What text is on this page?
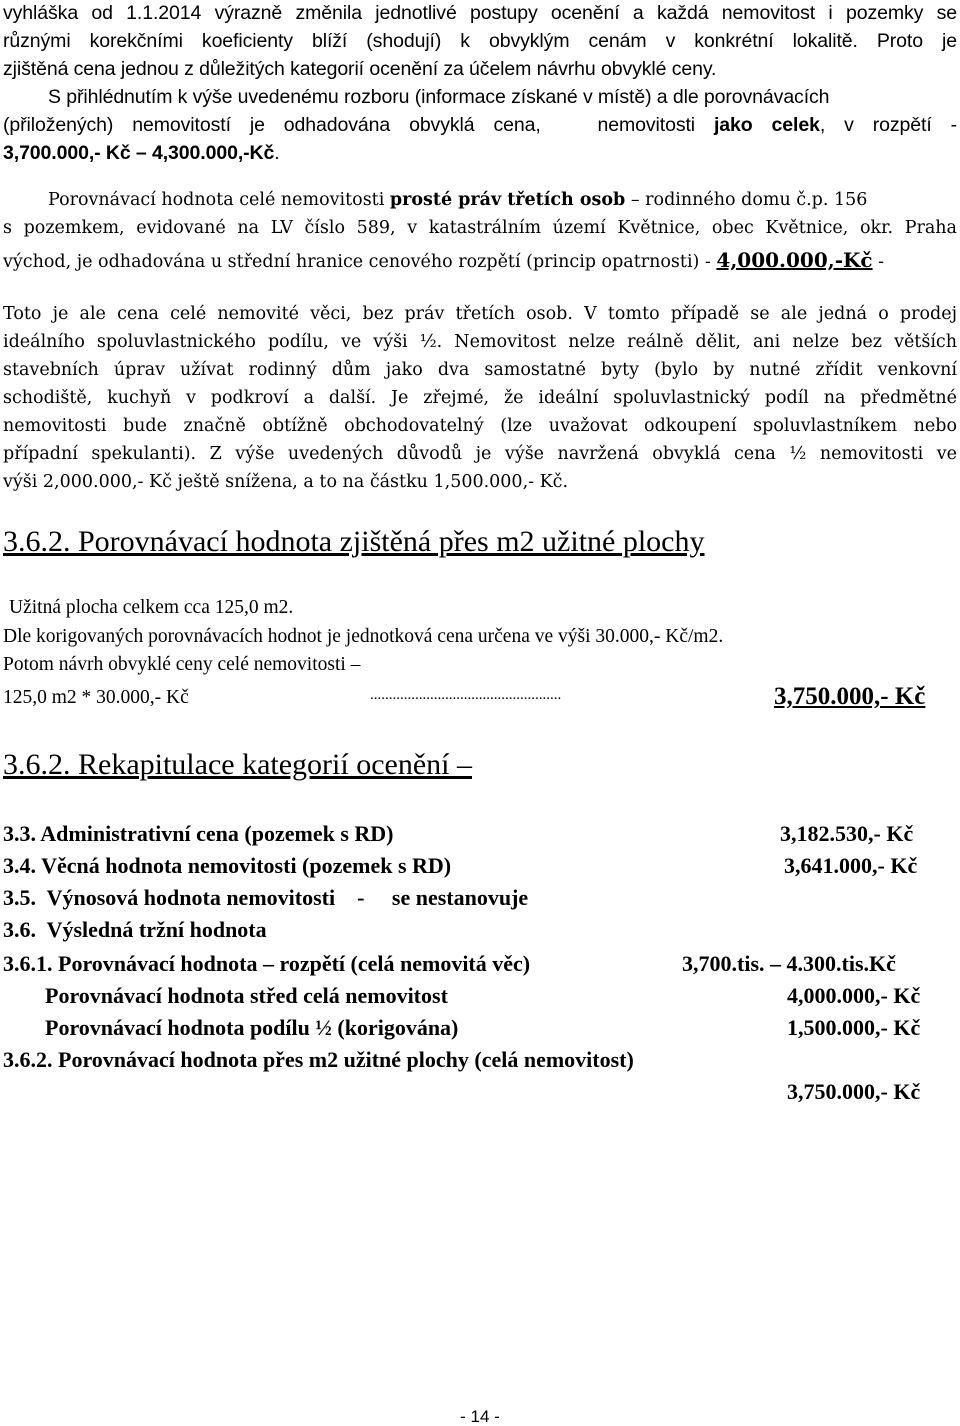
vyhláška od 1.1.2014 výrazně změnila jednotlivé postupy ocenění a každá nemovitost i pozemky se
různými korekčními koeficienty blíží (shodují) k obvyklým cenám v konkrétní lokalitě. Proto je
zjištěná cena jednou z důležitých kategorií ocenění za účelem návrhu obvyklé ceny.
S přihlédnutím k výše uvedenému rozboru (informace získané v místě) a dle porovnávacích
(přiložených) nemovitostí je odhadována obvyklá cena,   nemovitosti jako celek, v rozpětí -
3,700.000,- Kč – 4,300.000,-Kč.
Porovnávací hodnota celé nemovitosti prosté práv třetích osob – rodinného domu č.p. 156
s pozemkem, evidované na LV číslo 589, v katastrálním území Květnice, obec Květnice, okr. Praha
východ, je odhadována u střední hranice cenového rozpětí (princip opatrnosti) - 4,000.000,-Kč -
Toto je ale cena celé nemovité věci, bez práv třetích osob. V tomto případě se ale jedná o prodej
ideálního spoluvlastnického podílu, ve výši ½. Nemovitost nelze reálně dělit, ani nelze bez větších
stavebních úprav užívat rodinný dům jako dva samostatné byty (bylo by nutné zřídit venkovní
schodiště, kuchyň v podkroví a další. Je zřejmé, že ideální spoluvlastnický podíl na předmětné
nemovitosti bude značně obtížně obchodovatelný (lze uvažovat odkoupení spoluvlastníkem nebo
případní spekulanti). Z výše uvedených důvodů je výše navržená obvyklá cena ½ nemovitosti ve
výši 2,000.000,- Kč ještě snížena, a to na částku 1,500.000,- Kč.
3.6.2. Porovnávací hodnota zjištěná přes m2 užitné plochy
Užitná plocha celkem cca 125,0 m2.
Dle korigovaných porovnávacích hodnot je jednotková cena určena ve výši 30.000,- Kč/m2.
Potom návrh obvyklé ceny celé nemovitosti –
125,0 m2 * 30.000,- Kč	...................................................	3,750.000,- Kč
3.6.2. Rekapitulace kategorií ocenění –
3.3. Administrativní cena (pozemek s RD)	3,182.530,- Kč
3.4. Věcná hodnota nemovitosti (pozemek s RD)	3,641.000,- Kč
3.5.  Výnosová hodnota nemovitosti    -     se nestanovuje
3.6.  Výsledná tržní hodnota
3.6.1. Porovnávací hodnota – rozpětí (celá nemovitá věc)	3,700.tis. – 4.300.tis.Kč
Porovnávací hodnota střed celá nemovitost	4,000.000,- Kč
Porovnávací hodnota podílu ½ (korigována)	1,500.000,- Kč
3.6.2. Porovnávací hodnota přes m2 užitné plochy (celá nemovitost)
3,750.000,- Kč
- 14 -
